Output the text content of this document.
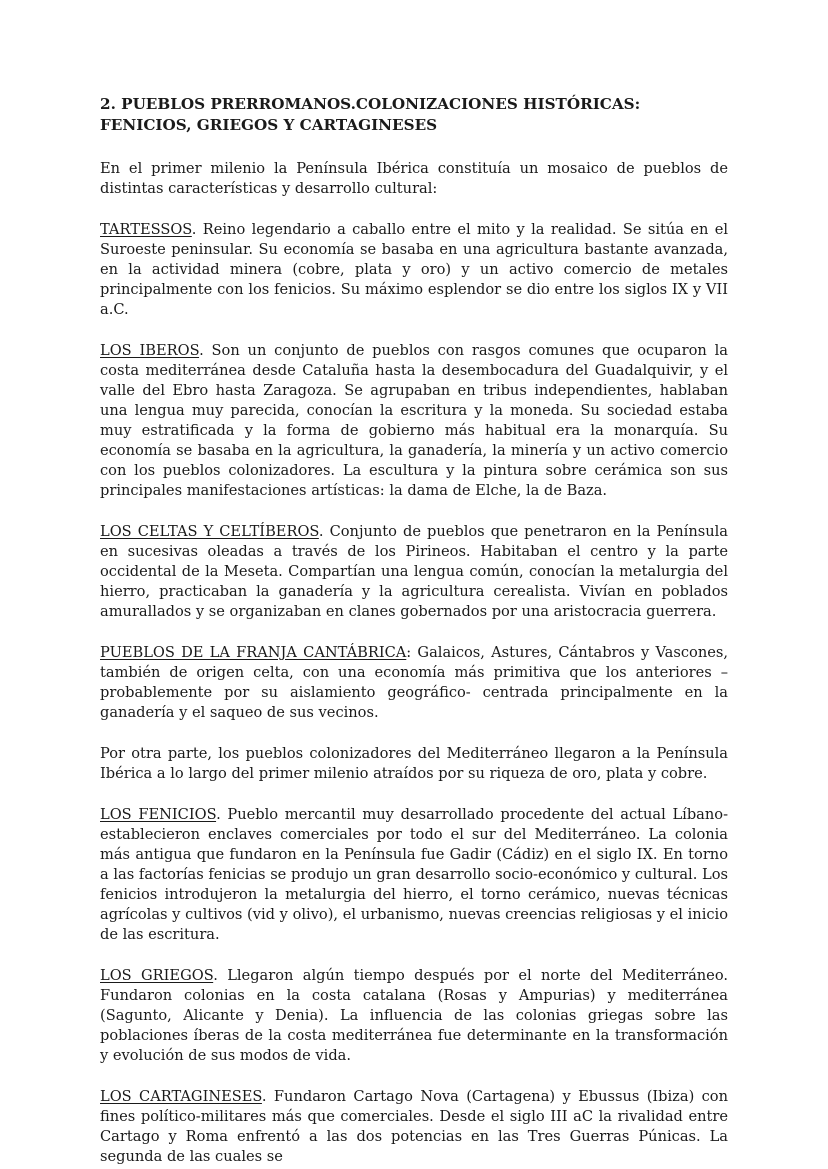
2. PUEBLOS PRERROMANOS.COLONIZACIONES HISTÓRICAS: FENICIOS, GRIEGOS Y CARTAGINESES

En el primer milenio la Península Ibérica constituía un mosaico de pueblos de distintas características y desarrollo cultural:

TARTESSOS. Reino legendario a caballo entre el mito y la realidad. Se sitúa en el Suroeste peninsular. Su economía se basaba en una agricultura bastante avanzada, en la actividad minera (cobre, plata y oro) y un activo comercio de metales principalmente con los fenicios. Su máximo esplendor se dio entre los siglos IX y VII a.C.

LOS IBEROS. Son un conjunto de pueblos con rasgos comunes que ocuparon la costa mediterránea desde Cataluña hasta la desembocadura del Guadalquivir, y el valle del Ebro hasta Zaragoza. Se agrupaban en tribus independientes, hablaban una lengua muy parecida, conocían la escritura y la moneda. Su sociedad estaba muy estratificada y la forma de gobierno más habitual era la monarquía. Su economía se basaba en la agricultura, la ganadería, la minería y un activo comercio con los pueblos colonizadores. La escultura y la pintura sobre cerámica son sus principales manifestaciones artísticas: la dama de Elche, la de Baza.

LOS CELTAS Y CELTÍBEROS. Conjunto de pueblos que penetraron en la Península en sucesivas oleadas a través de los Pirineos. Habitaban el centro y la parte occidental de la Meseta. Compartían una lengua común, conocían la metalurgia del hierro, practicaban la ganadería y la agricultura cerealista. Vivían en poblados amurallados y se organizaban en clanes gobernados por una aristocracia guerrera.

PUEBLOS DE LA FRANJA CANTÁBRICA: Galaicos, Astures, Cántabros y Vascones, también de origen celta, con una economía más primitiva que los anteriores –probablemente por su aislamiento geográfico- centrada principalmente en la ganadería y el saqueo de sus vecinos.

Por otra parte, los pueblos colonizadores del Mediterráneo llegaron a la Península Ibérica a lo largo del primer milenio atraídos por su riqueza de oro, plata y cobre.

LOS FENICIOS. Pueblo mercantil muy desarrollado procedente del actual Líbano- establecieron enclaves comerciales por todo el sur del Mediterráneo. La colonia más antigua que fundaron en la Península fue Gadir (Cádiz) en el siglo IX. En torno a las factorías fenicias se produjo un gran desarrollo socio-económico y cultural. Los fenicios introdujeron la metalurgia del hierro, el torno cerámico, nuevas técnicas agrícolas y cultivos (vid y olivo), el urbanismo, nuevas creencias religiosas y el inicio de las escritura.

LOS GRIEGOS. Llegaron algún tiempo después por el norte del Mediterráneo. Fundaron colonias en la costa catalana (Rosas y Ampurias) y mediterránea (Sagunto, Alicante y Denia). La influencia de las colonias griegas sobre las poblaciones íberas de la costa mediterránea fue determinante en la transformación y evolución de sus modos de vida.

LOS CARTAGINESES. Fundaron Cartago Nova (Cartagena) y Ebussus (Ibiza) con fines político-militares más que comerciales. Desde el siglo III aC la rivalidad entre Cartago y Roma enfrentó a las dos potencias en las Tres Guerras Púnicas. La segunda de las cuales se
